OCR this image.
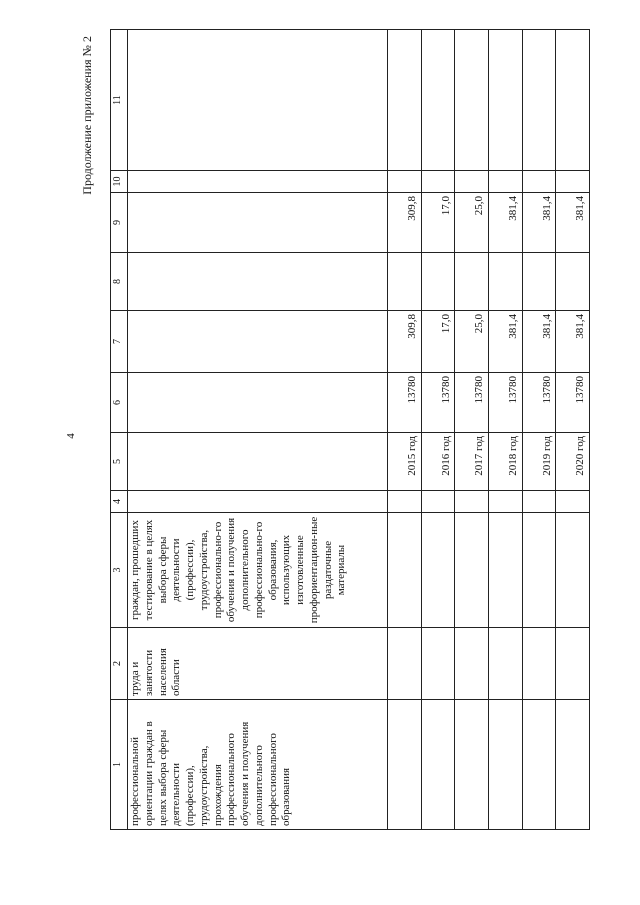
4
Продолжение приложения № 2
1	2	3	4	5	6	7	8	9	10	11
профессиональной ориентации граждан в целях выбора сферы деятельности (профессии), трудоустройства, прохождения профессионального обучения и получения дополнительного профессионального образования	труда и занятости населения области	граждан, прошедших тестирование в целях выбора сферы деятельности (профессии), трудоустройства, профессионально-го обучения и получения дополнительного профессионально-го образования, использующих изготовленные профориентацион-ные раздаточные материалы								
				2015 год	13780	309,8		309,8		
				2016 год	13780	17,0		17,0		
				2017 год	13780	25,0		25,0		
				2018 год	13780	381,4		381,4		
				2019 год	13780	381,4		381,4		
				2020 год	13780	381,4		381,4		
